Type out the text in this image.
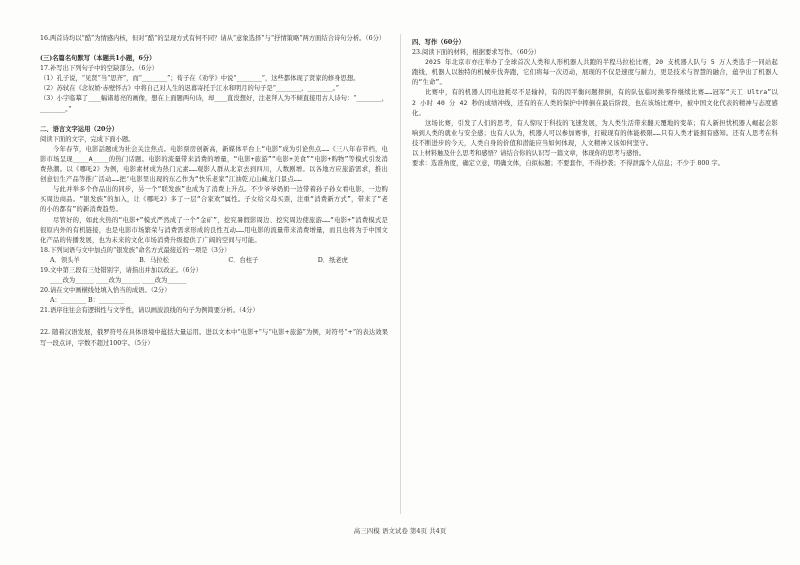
16.两首诗均以“酷”为情感内核，但对“酷”的呈现方式有何不同？请从“意象选择”与“抒情策略”两方面结合诗句分析。（6分）

(三)名篇名句默写（本题共1小题，6分）

17.补写出下列句子中的空缺部分。（6分）

（1）孔子说，“见贤”当“思齐”，而“________”；荀子在《劝学》中说“________”，这些都体现了贤家的修身思想。

（2）苏轼在《念奴娇·赤壁怀古》中将自己对人生的迟暮寄托于江水和明月的句子是“________，________。”

（3）小宇临摹了____幅诸葛亮的画像，想在上面题两句诗，却____直没想好，注老拜人为不倾直接用古人诗句：“________，________。”

二、语言文字运用（20分）

阅读下面的文字，完成下面小题。

今年春节，电影話题成为社会关注焦点。电影票房创新高，新媒体平台上“电影”成为引论焦点……《三八年春节档，电影市场呈现____A____的热门话题。电影的流量带来消费的增量，“电影+旅游”“电影+美食”“电影+购物”等模式引发消费热潮。以《哪吒2》为例，电影素材成为热门元素……观影人群从北京去到四川，人数剧增。以各地方应旅游需求，推出创意衍生产品等推广活动……把‘电影里出现的东乙作为“快乐老家”江油乾元山藏龙门景点……

与此并举多个作品出的同步，另一个“联发族”也成为了消费上升点。不少爷爷奶奶一边带着孙子孙女看电影，一边购买周边商品。“银发族”的加入，让《哪吒2》多了一层“合家欢”属性。子女给父母买票，注重“消费新方式”，带来了“老的小的都有”的新消费趋势。

尽管好的，如此火热的“电影+”模式严然成了一个“金矿”，挖究暑假影周边、挖究周边使旅游……“电影+”消费模式是很原内外的有机链接，也是电影市场繁荣与消费需求形成的良性互动……用电影的流量带来消费增量，而且也将为于中国文化产品的传播发展，也为未来的文化市场消费升级提供了广阔的空间与可能。

18.下列词语与文中加点的“银发族”命名方式最接近的一项是（3分）

A．领头羊	B．马拉松	C．台柱子	D．纸老虎

19.文中第三段有三处错别字，请指出并加以改正。（6分）

____改为______ ____改为______ ____改为______

20.请在文中画横线处填入恰当的成语。（2分）

A：________ B：________

21.语序往往会有逻辑性与文学性，请以画波浪线的句子为例简要分析。（4分）

22. 随着汉语发展，俄罗符号在具体语境中蕴括大量运用。进以文本中“电影+”与“电影+旅游”为例，对符号“+”的表达效果写一段点评，字数不超过100字。（5分）

四、写作（60分）

23.阅读下面的材料，根据要求写作。（60分）

2025 年北京市亦庄举办了全球首次人类和人形机器人共跑的半程马拉松比赛，20 支机器人队与 5 万人类选手一同站起跑线，机器人以独特的机械步伐奔跑，它们将每一次迈动，展现的不仅是速度与耐力，更是技术与智慧的融合，蕴孕出了机器人的“生命”。

比赛中，有的机器人因电池耗尽不足输掉，有的因平衡问题摔倒，有的队伍临时换零件继续比赛……冠军“天工 Ultra”以 2 小时 40 分 42 秒的成绩冲线，还有的在人类的保护中摔倒在最后阶段，也在该场比赛中，被中国文化代表的精神与态度感化。

这场比赛，引发了人们的思考，有人惊叹于科技的飞速发展，为人类生活带来翻天覆地的变革；有人新担忧机器人崛起会影响到人类的就业与安全感；也有人认为，机器人可以参加赛事，打破现有的体能极限……只有人类才能拥有感知。还有人思考在科技不断进步的今天，人类自身的价值和潜能应当如何体现，人文精神又该如何坚守。

以上材料触及什么思考和感悟？请结合你的认识写一篇文章，体现你的思考与感悟。

要求：选准角度，确定立意，明确文体，自拟标题；不要套作，不得抄袭；不得泄露个人信息；不少于 800 字。

高三四模 语文试卷 第4页 共4页
